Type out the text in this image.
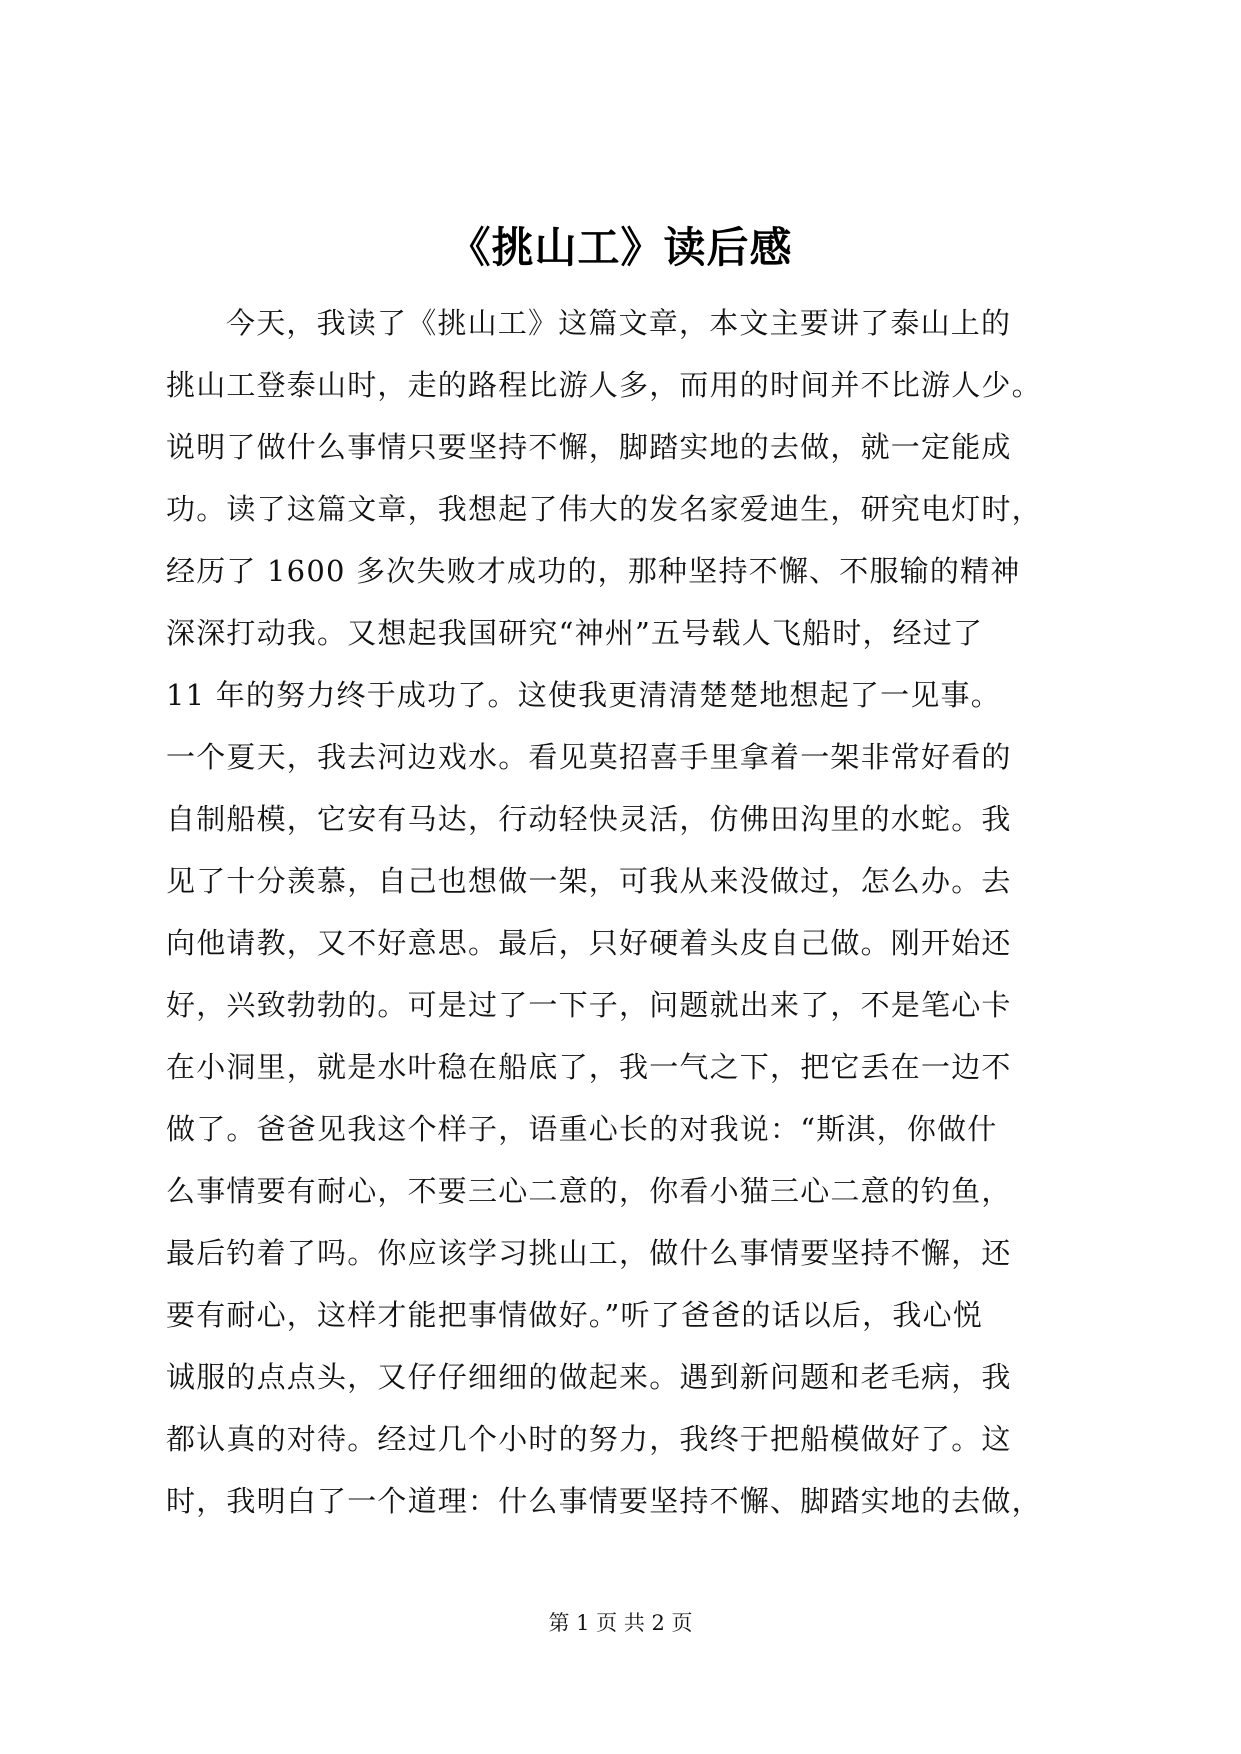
《挑山工》读后感
今天，我读了《挑山工》这篇文章，本文主要讲了泰山上的
挑山工登泰山时，走的路程比游人多，而用的时间并不比游人少。
说明了做什么事情只要坚持不懈，脚踏实地的去做，就一定能成
功。读了这篇文章，我想起了伟大的发名家爱迪生，研究电灯时，
经历了 1600 多次失败才成功的，那种坚持不懈、不服输的精神
深深打动我。又想起我国研究“神州”五号载人飞船时，经过了
11 年的努力终于成功了。这使我更清清楚楚地想起了一见事。
一个夏天，我去河边戏水。看见莫招喜手里拿着一架非常好看的
自制船模，它安有马达，行动轻快灵活，仿佛田沟里的水蛇。我
见了十分羡慕，自己也想做一架，可我从来没做过，怎么办。去
向他请教，又不好意思。最后，只好硬着头皮自己做。刚开始还
好，兴致勃勃的。可是过了一下子，问题就出来了，不是笔心卡
在小洞里，就是水叶稳在船底了，我一气之下，把它丢在一边不
做了。爸爸见我这个样子，语重心长的对我说：“斯淇，你做什
么事情要有耐心，不要三心二意的，你看小猫三心二意的钓鱼，
最后钓着了吗。你应该学习挑山工，做什么事情要坚持不懈，还
要有耐心，这样才能把事情做好。”听了爸爸的话以后，我心悦
诚服的点点头，又仔仔细细的做起来。遇到新问题和老毛病，我
都认真的对待。经过几个小时的努力，我终于把船模做好了。这
时，我明白了一个道理：什么事情要坚持不懈、脚踏实地的去做，
第 1 页 共 2 页
